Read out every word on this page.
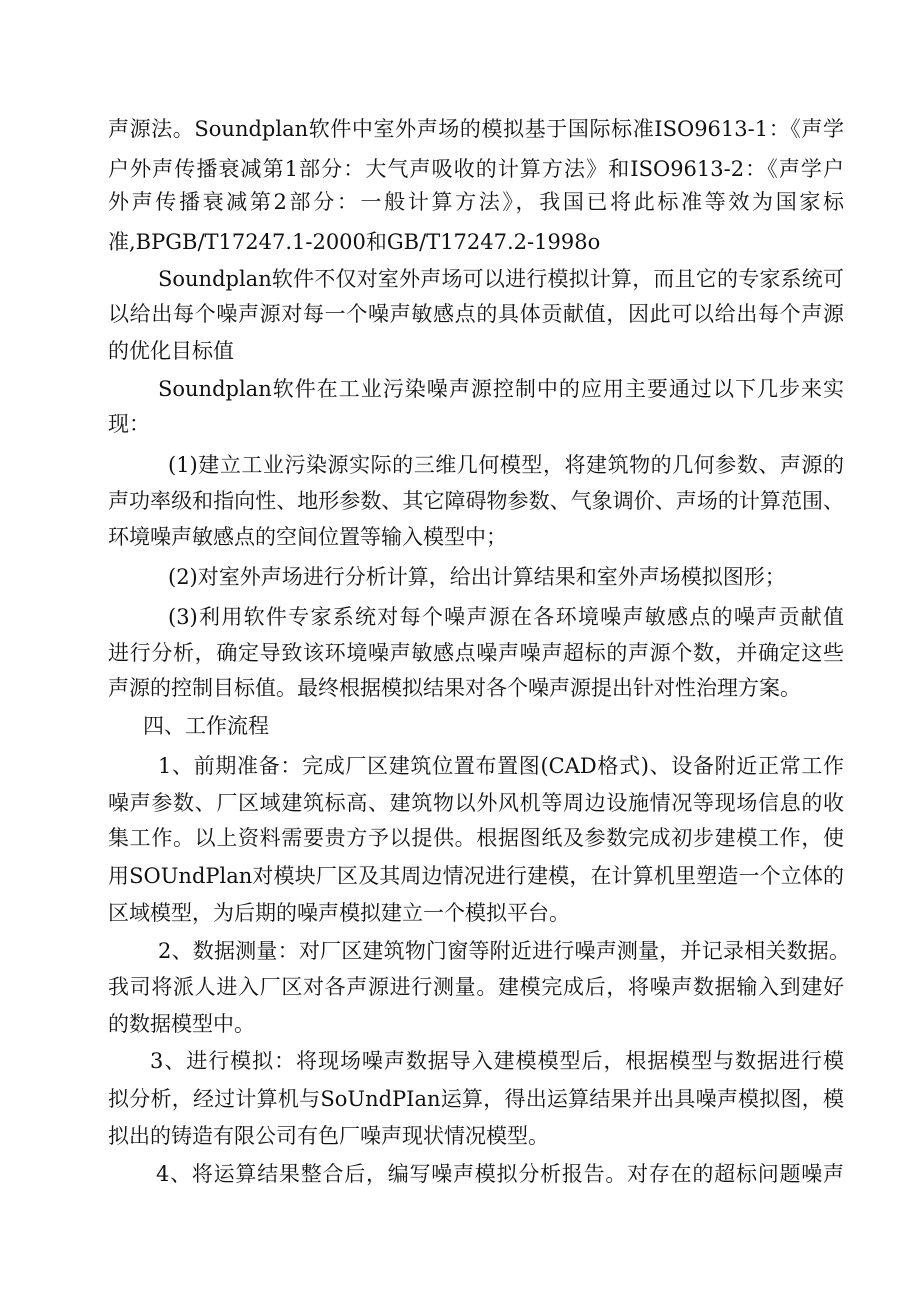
声源法。Soundplan软件中室外声场的模拟基于国际标准ISO9613-1：《声学

户外声传播衰减第1部分：大气声吸收的计算方法》和ISO9613-2：《声学户

外声传播衰减第2部分：一般计算方法》，我国已将此标准等效为国家标

准,BPGB/T17247.1-2000和GB/T17247.2-1998o

Soundplan软件不仅对室外声场可以进行模拟计算，而且它的专家系统可

以给出每个噪声源对每一个噪声敏感点的具体贡献值，因此可以给出每个声源

的优化目标值

Soundplan软件在工业污染噪声源控制中的应用主要通过以下几步来实

现：

(1)建立工业污染源实际的三维几何模型，将建筑物的几何参数、声源的

声功率级和指向性、地形参数、其它障碍物参数、气象调价、声场的计算范围、

环境噪声敏感点的空间位置等输入模型中；

(2)对室外声场进行分析计算，给出计算结果和室外声场模拟图形；

(3)利用软件专家系统对每个噪声源在各环境噪声敏感点的噪声贡献值

进行分析，确定导致该环境噪声敏感点噪声噪声超标的声源个数，并确定这些

声源的控制目标值。最终根据模拟结果对各个噪声源提出针对性治理方案。

四、工作流程

1、前期准备：完成厂区建筑位置布置图(CAD格式)、设备附近正常工作

噪声参数、厂区域建筑标高、建筑物以外风机等周边设施情况等现场信息的收

集工作。以上资料需要贵方予以提供。根据图纸及参数完成初步建模工作，使

用SOUndPlan对模块厂区及其周边情况进行建模，在计算机里塑造一个立体的

区域模型，为后期的噪声模拟建立一个模拟平台。

2、数据测量：对厂区建筑物门窗等附近进行噪声测量，并记录相关数据。

我司将派人进入厂区对各声源进行测量。建模完成后，将噪声数据输入到建好

的数据模型中。

3、进行模拟：将现场噪声数据导入建模模型后，根据模型与数据进行模

拟分析，经过计算机与SoUndPIan运算，得出运算结果并出具噪声模拟图，模

拟出的铸造有限公司有色厂噪声现状情况模型。

4、将运算结果整合后，编写噪声模拟分析报告。对存在的超标问题噪声
